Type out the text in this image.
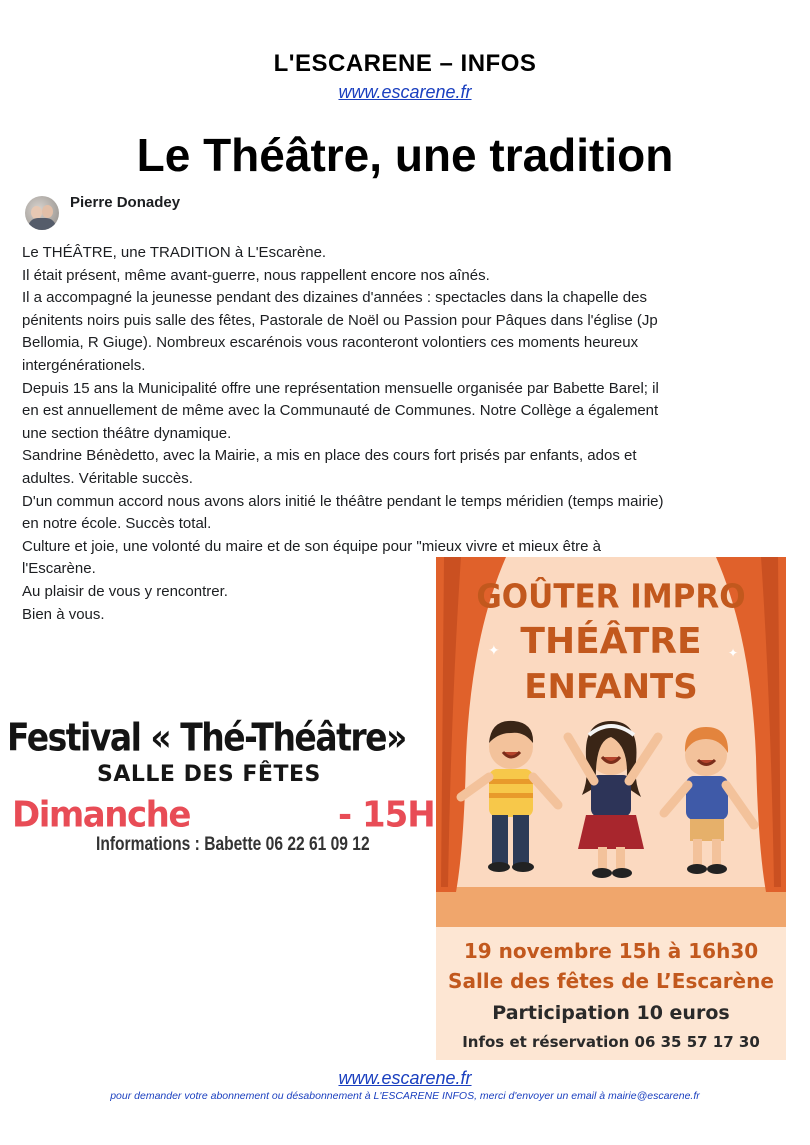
L'ESCARENE – INFOS
www.escarene.fr
Le Théâtre, une tradition
Pierre Donadey
Le THÉÂTRE, une TRADITION à L'Escarène.
Il était présent, même avant-guerre, nous rappellent encore nos aînés.
Il a accompagné la jeunesse pendant des dizaines d'années : spectacles dans la chapelle des
pénitents noirs puis salle des fêtes, Pastorale de Noël ou Passion pour Pâques dans l'église (Jp
Bellomia, R Giuge). Nombreux escarénois vous raconteront volontiers ces moments heureux
intergénérationels.
Depuis 15 ans la Municipalité offre une représentation mensuelle organisée par Babette Barel; il
en est annuellement de même avec la Communauté de Communes. Notre Collège a également
une section théâtre dynamique.
Sandrine Bénèdetto, avec la Mairie, a mis en place des cours fort prisés par enfants, ados et
adultes. Véritable succès.
D'un commun accord nous avons alors initié le théâtre pendant le temps méridien (temps mairie)
en notre école. Succès total.
Culture et joie, une volonté du maire et de son équipe pour "mieux vivre et mieux être à
l'Escarène.
Au plaisir de vous y rencontrer.
Bien à vous.
Festival « Thé-Théâtre»
SALLE DES FÊTES
Dimanche	- 15H
Informations : Babette 06 22 61 09 12
✦	✦
GOÛTER IMPRO
THÉÂTRE
ENFANTS
19 novembre 15h à 16h30
Salle des fêtes de L’Escarène
Participation 10 euros
Infos et réservation 06 35 57 17 30
www.escarene.fr
pour demander votre abonnement ou désabonnement à L'ESCARENE INFOS, merci d'envoyer un email à mairie@escarene.fr
